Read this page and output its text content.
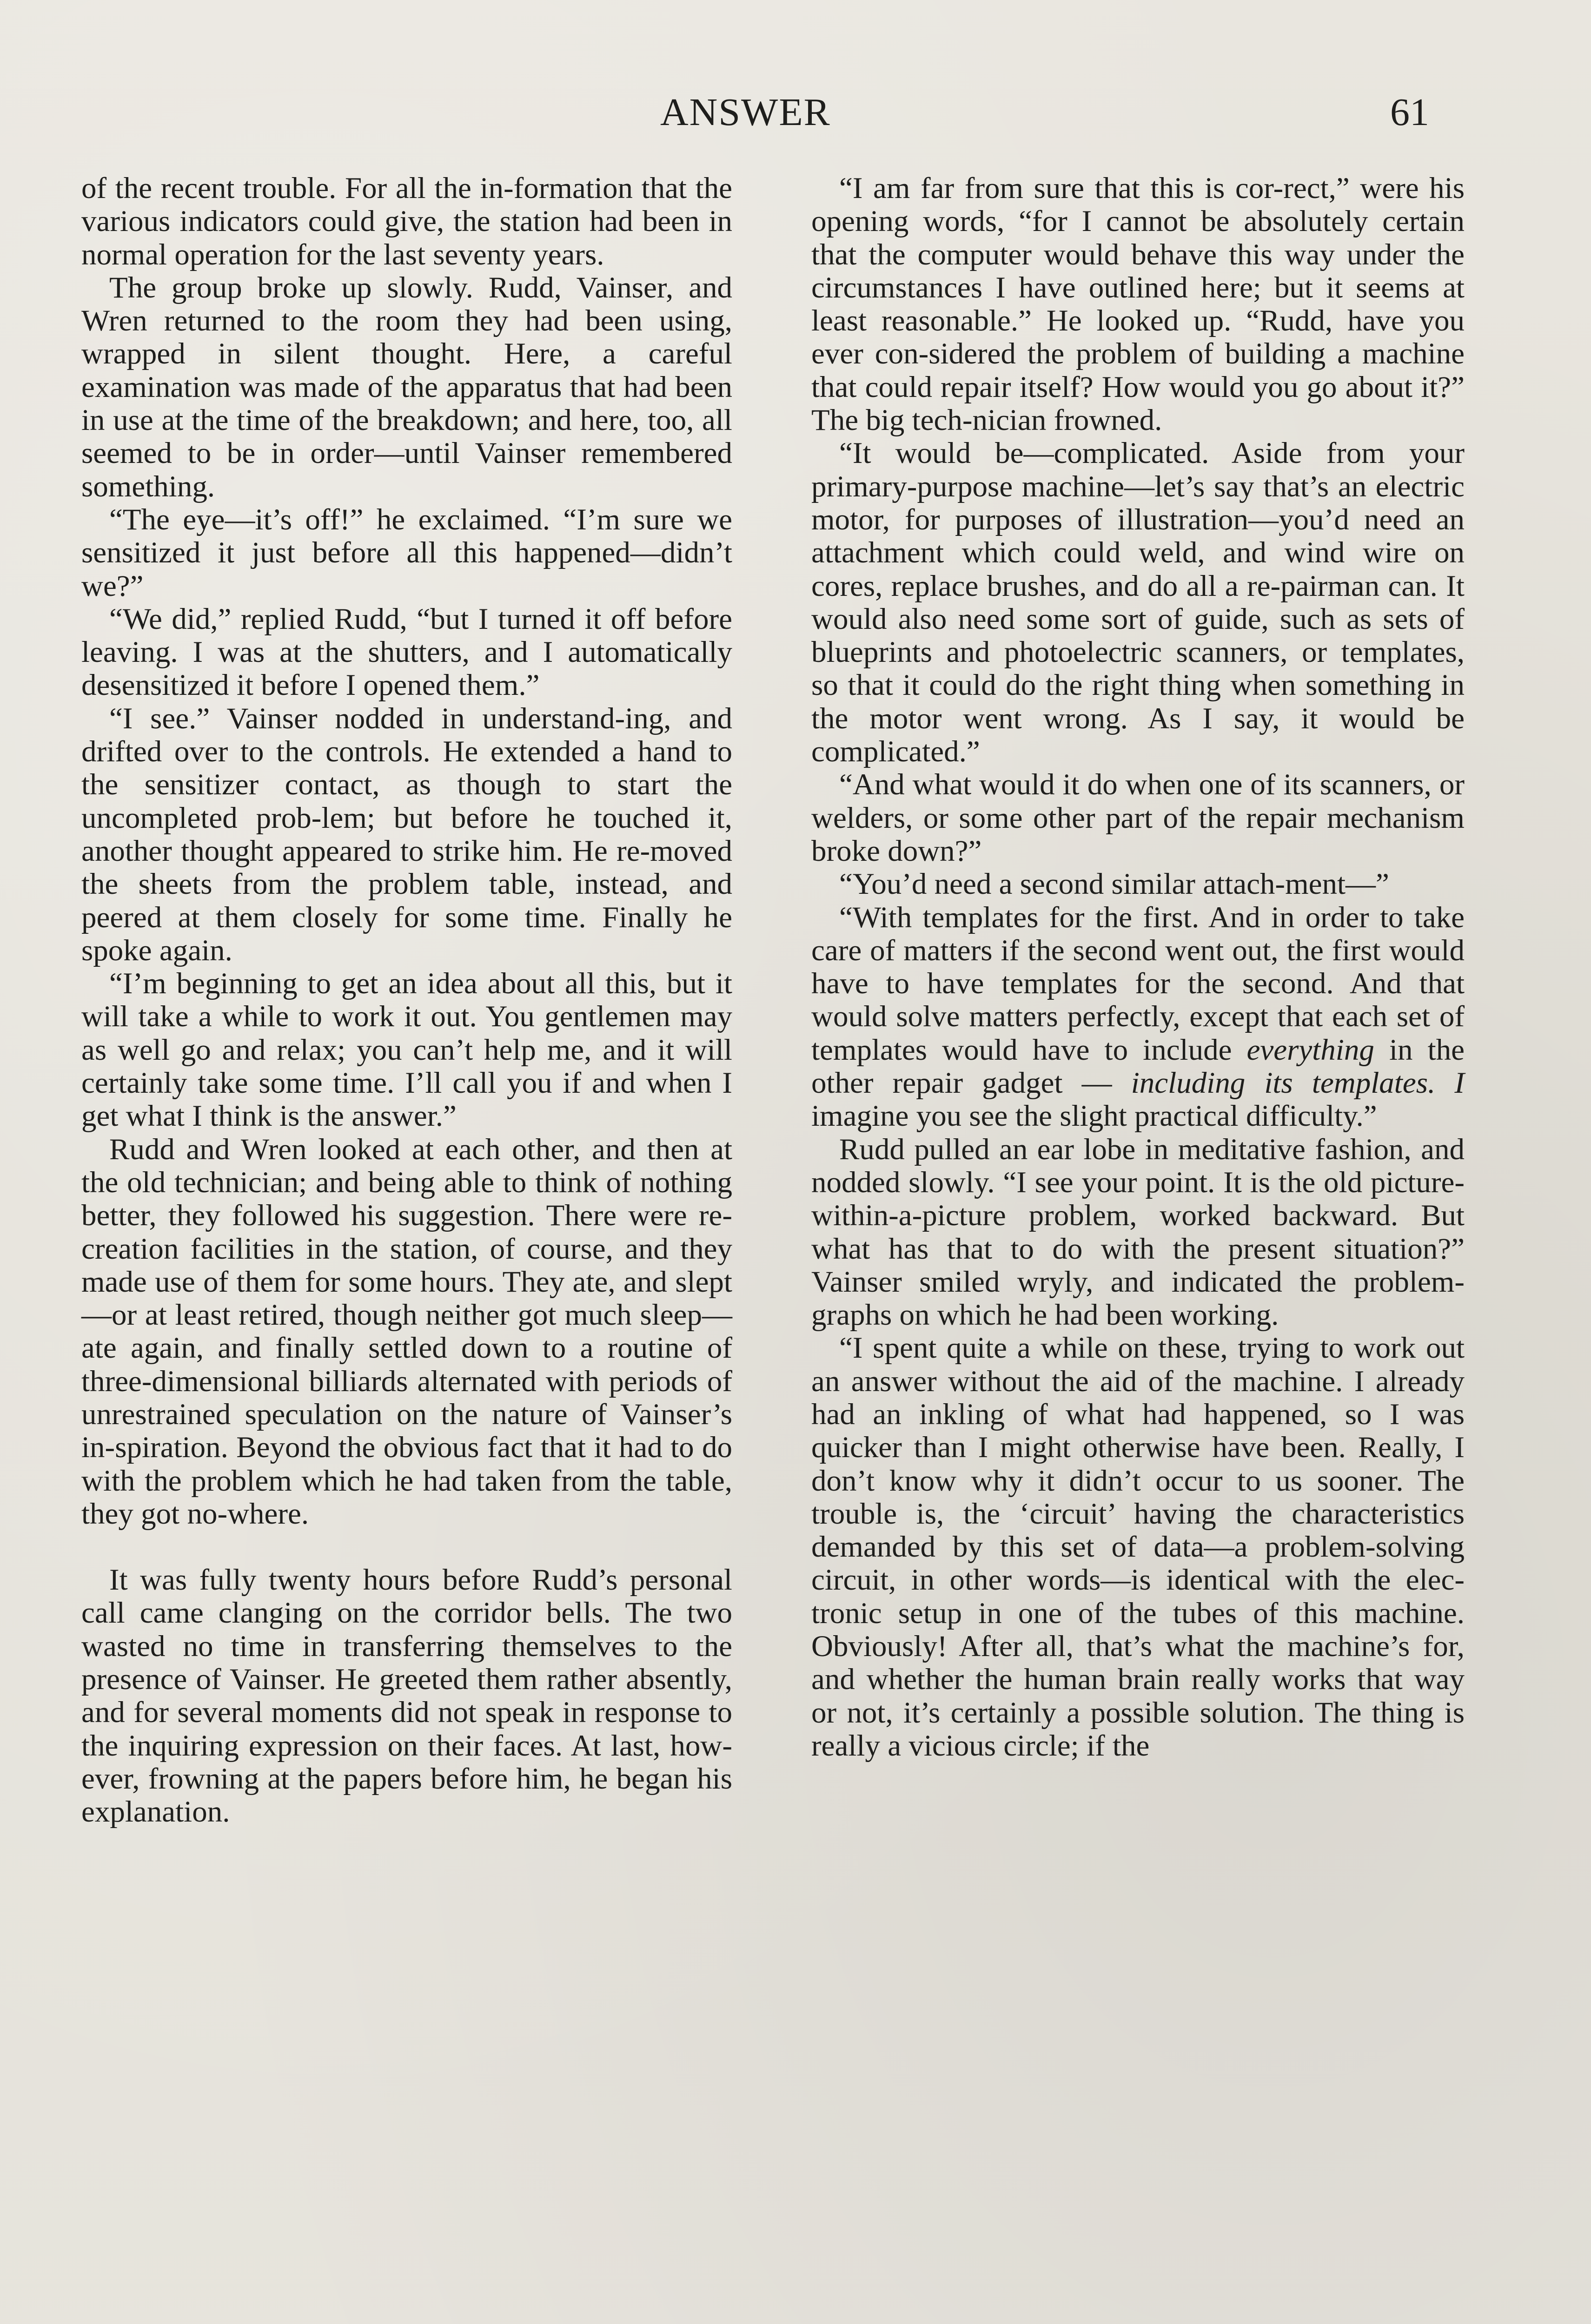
ANSWER	61

of the recent trouble. For all the in-formation that the various indicators could give, the station had been in normal operation for the last seventy years.

The group broke up slowly. Rudd, Vainser, and Wren returned to the room they had been using, wrapped in silent thought. Here, a careful examination was made of the apparatus that had been in use at the time of the breakdown; and here, too, all seemed to be in order—until Vainser remembered something.

“The eye—it’s off!” he exclaimed. “I’m sure we sensitized it just before all this happened—didn’t we?”

“We did,” replied Rudd, “but I turned it off before leaving. I was at the shutters, and I automatically desensitized it before I opened them.”

“I see.” Vainser nodded in understand-ing, and drifted over to the controls. He extended a hand to the sensitizer contact, as though to start the uncompleted prob-lem; but before he touched it, another thought appeared to strike him. He re-moved the sheets from the problem table, instead, and peered at them closely for some time. Finally he spoke again.

“I’m beginning to get an idea about all this, but it will take a while to work it out. You gentlemen may as well go and relax; you can’t help me, and it will certainly take some time. I’ll call you if and when I get what I think is the answer.”

Rudd and Wren looked at each other, and then at the old technician; and being able to think of nothing better, they followed his suggestion. There were re-creation facilities in the station, of course, and they made use of them for some hours. They ate, and slept—or at least retired, though neither got much sleep—ate again, and finally settled down to a routine of three-dimensional billiards alternated with periods of unrestrained speculation on the nature of Vainser’s in-spiration. Beyond the obvious fact that it had to do with the problem which he had taken from the table, they got no-where.

It was fully twenty hours before Rudd’s personal call came clanging on the corridor bells. The two wasted no time in transferring themselves to the presence of Vainser. He greeted them rather absently, and for several moments did not speak in response to the inquiring expression on their faces. At last, how-ever, frowning at the papers before him, he began his explanation.

“I am far from sure that this is cor-rect,” were his opening words, “for I cannot be absolutely certain that the computer would behave this way under the circumstances I have outlined here; but it seems at least reasonable.” He looked up. “Rudd, have you ever con-sidered the problem of building a machine that could repair itself? How would you go about it?” The big tech-nician frowned.

“It would be—complicated. Aside from your primary-purpose machine—let’s say that’s an electric motor, for purposes of illustration—you’d need an attachment which could weld, and wind wire on cores, replace brushes, and do all a re-pairman can. It would also need some sort of guide, such as sets of blueprints and photoelectric scanners, or templates, so that it could do the right thing when something in the motor went wrong. As I say, it would be complicated.”

“And what would it do when one of its scanners, or welders, or some other part of the repair mechanism broke down?”

“You’d need a second similar attach-ment—”

“With templates for the first. And in order to take care of matters if the second went out, the first would have to have templates for the second. And that would solve matters perfectly, except that each set of templates would have to include everything in the other repair gadget — including its templates. I imagine you see the slight practical difficulty.”

Rudd pulled an ear lobe in meditative fashion, and nodded slowly. “I see your point. It is the old picture-within-a-picture problem, worked backward. But what has that to do with the present situation?” Vainser smiled wryly, and indicated the problem-graphs on which he had been working.

“I spent quite a while on these, trying to work out an answer without the aid of the machine. I already had an inkling of what had happened, so I was quicker than I might otherwise have been. Really, I don’t know why it didn’t occur to us sooner. The trouble is, the ‘circuit’ having the characteristics demanded by this set of data—a problem-solving circuit, in other words—is identical with the elec-tronic setup in one of the tubes of this machine. Obviously! After all, that’s what the machine’s for, and whether the human brain really works that way or not, it’s certainly a possible solution. The thing is really a vicious circle; if the
